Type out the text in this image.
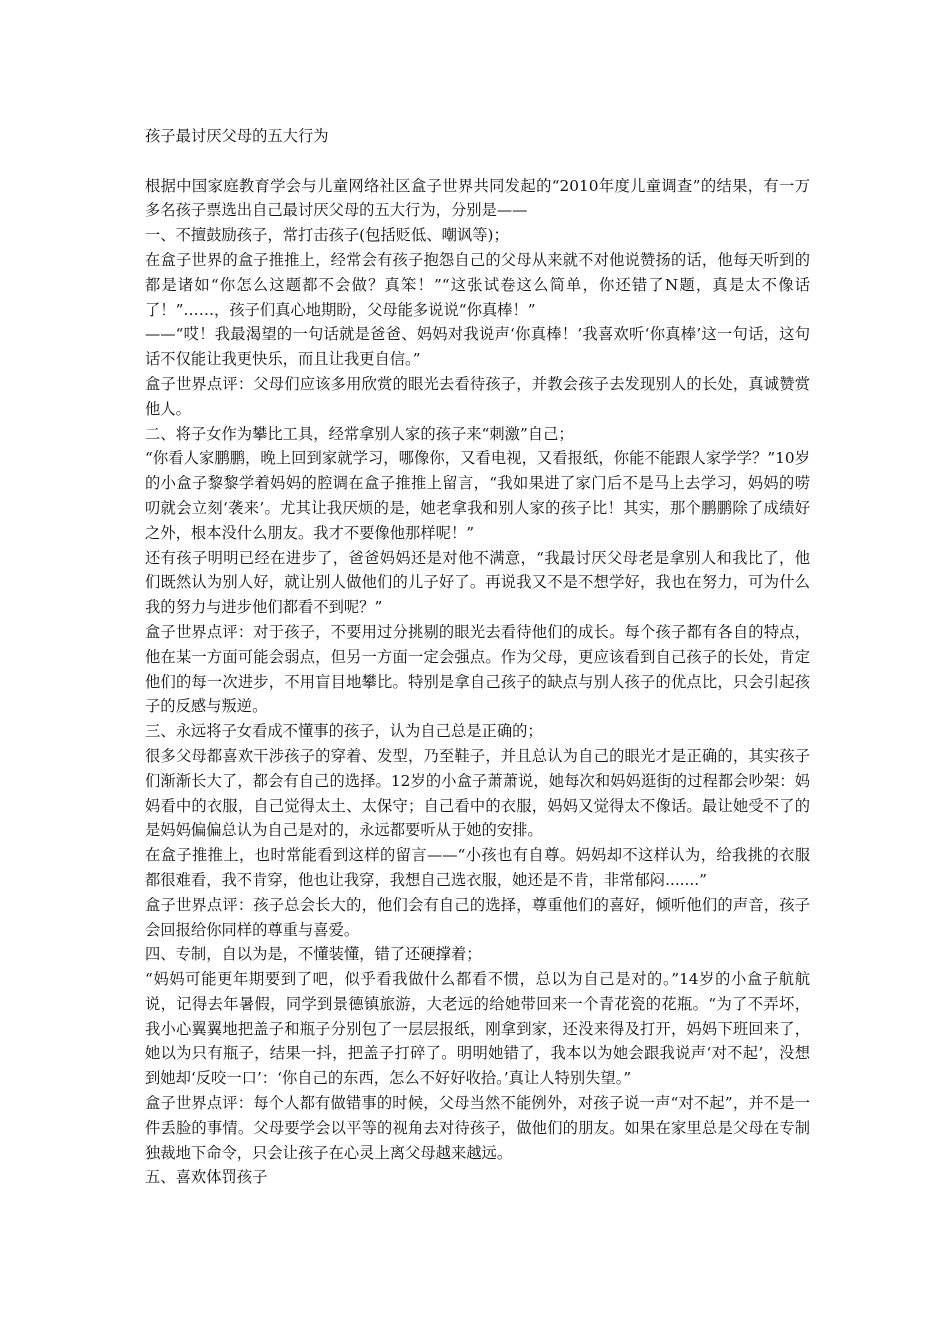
孩子最讨厌父母的五大行为

根据中国家庭教育学会与儿童网络社区盒子世界共同发起的“2010年度儿童调查”的结果，有一万多名孩子票选出自己最讨厌父母的五大行为，分别是——

一、不擅鼓励孩子，常打击孩子(包括贬低、嘲讽等)；

在盒子世界的盒子推推上，经常会有孩子抱怨自己的父母从来就不对他说赞扬的话，他每天听到的都是诸如“你怎么这题都不会做？真笨！”“这张试卷这么简单，你还错了N题，真是太不像话了！”……，孩子们真心地期盼，父母能多说说“你真棒！”

——“哎！我最渴望的一句话就是爸爸、妈妈对我说声‘你真棒！’我喜欢听‘你真棒’这一句话，这句话不仅能让我更快乐，而且让我更自信。”

盒子世界点评：父母们应该多用欣赏的眼光去看待孩子，并教会孩子去发现别人的长处，真诚赞赏他人。

二、将子女作为攀比工具，经常拿别人家的孩子来“刺激”自己；

“你看人家鹏鹏，晚上回到家就学习，哪像你，又看电视，又看报纸，你能不能跟人家学学？”10岁的小盒子黎黎学着妈妈的腔调在盒子推推上留言，“我如果进了家门后不是马上去学习，妈妈的唠叨就会立刻‘袭来’。尤其让我厌烦的是，她老拿我和别人家的孩子比！其实，那个鹏鹏除了成绩好之外，根本没什么朋友。我才不要像他那样呢！”

还有孩子明明已经在进步了，爸爸妈妈还是对他不满意，“我最讨厌父母老是拿别人和我比了，他们既然认为别人好，就让别人做他们的儿子好了。再说我又不是不想学好，我也在努力，可为什么我的努力与进步他们都看不到呢？”

盒子世界点评：对于孩子，不要用过分挑剔的眼光去看待他们的成长。每个孩子都有各自的特点，他在某一方面可能会弱点，但另一方面一定会强点。作为父母，更应该看到自己孩子的长处，肯定他们的每一次进步，不用盲目地攀比。特别是拿自己孩子的缺点与别人孩子的优点比，只会引起孩子的反感与叛逆。

三、永远将子女看成不懂事的孩子，认为自己总是正确的；

很多父母都喜欢干涉孩子的穿着、发型，乃至鞋子，并且总认为自己的眼光才是正确的，其实孩子们渐渐长大了，都会有自己的选择。12岁的小盒子萧萧说，她每次和妈妈逛街的过程都会吵架：妈妈看中的衣服，自己觉得太土、太保守；自己看中的衣服，妈妈又觉得太不像话。最让她受不了的是妈妈偏偏总认为自己是对的，永远都要听从于她的安排。

在盒子推推上，也时常能看到这样的留言——“小孩也有自尊。妈妈却不这样认为，给我挑的衣服都很难看，我不肯穿，他也让我穿，我想自己选衣服，她还是不肯，非常郁闷.......”

盒子世界点评：孩子总会长大的，他们会有自己的选择，尊重他们的喜好，倾听他们的声音，孩子会回报给你同样的尊重与喜爱。

四、专制，自以为是，不懂装懂，错了还硬撑着；

“妈妈可能更年期要到了吧，似乎看我做什么都看不惯，总以为自己是对的。”14岁的小盒子航航说，记得去年暑假，同学到景德镇旅游，大老远的给她带回来一个青花瓷的花瓶。“为了不弄坏，我小心翼翼地把盖子和瓶子分别包了一层层报纸，刚拿到家，还没来得及打开，妈妈下班回来了，她以为只有瓶子，结果一抖，把盖子打碎了。明明她错了，我本以为她会跟我说声‘对不起’，没想到她却‘反咬一口’：‘你自己的东西，怎么不好好收拾。’真让人特别失望。”

盒子世界点评：每个人都有做错事的时候，父母当然不能例外，对孩子说一声“对不起”，并不是一件丢脸的事情。父母要学会以平等的视角去对待孩子，做他们的朋友。如果在家里总是父母在专制独裁地下命令，只会让孩子在心灵上离父母越来越远。

五、喜欢体罚孩子
